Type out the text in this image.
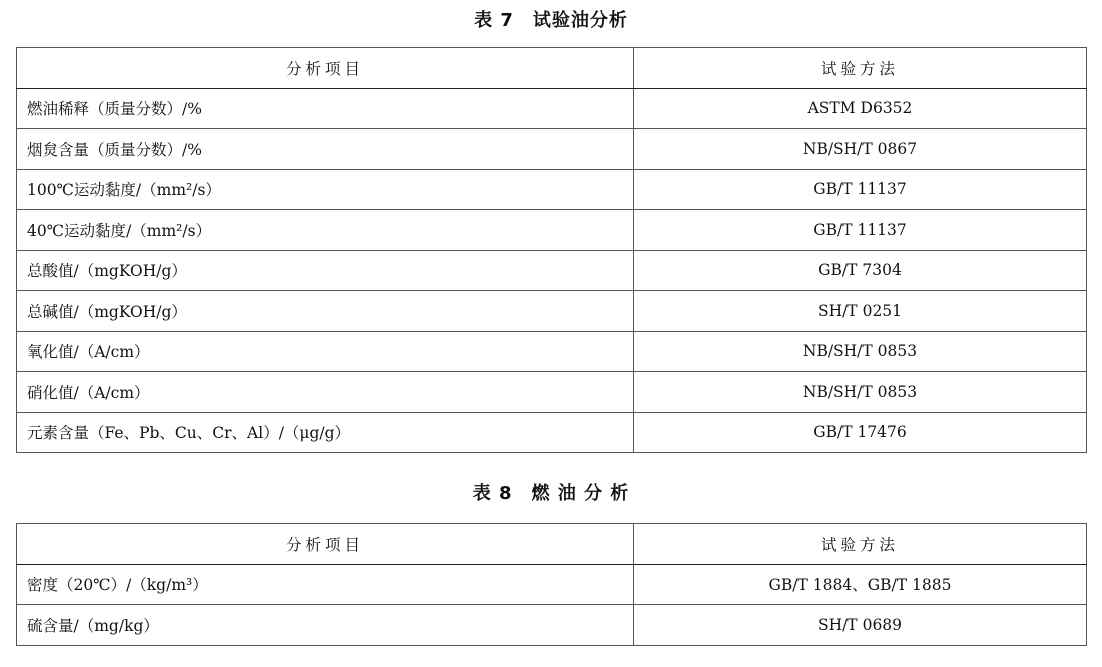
表 7　试验油分析
分析项目	试验方法
燃油稀释（质量分数）/%	ASTM D6352
烟炱含量（质量分数）/%	NB/SH/T 0867
100℃运动黏度/（mm²/s）	GB/T 11137
40℃运动黏度/（mm²/s）	GB/T 11137
总酸值/（mgKOH/g）	GB/T 7304
总碱值/（mgKOH/g）	SH/T 0251
氧化值/（A/cm）	NB/SH/T 0853
硝化值/（A/cm）	NB/SH/T 0853
元素含量（Fe、Pb、Cu、Cr、Al）/（μg/g）	GB/T 17476
表 8　燃 油 分 析
分析项目	试验方法
密度（20℃）/（kg/m³）	GB/T 1884、GB/T 1885
硫含量/（mg/kg）	SH/T 0689
